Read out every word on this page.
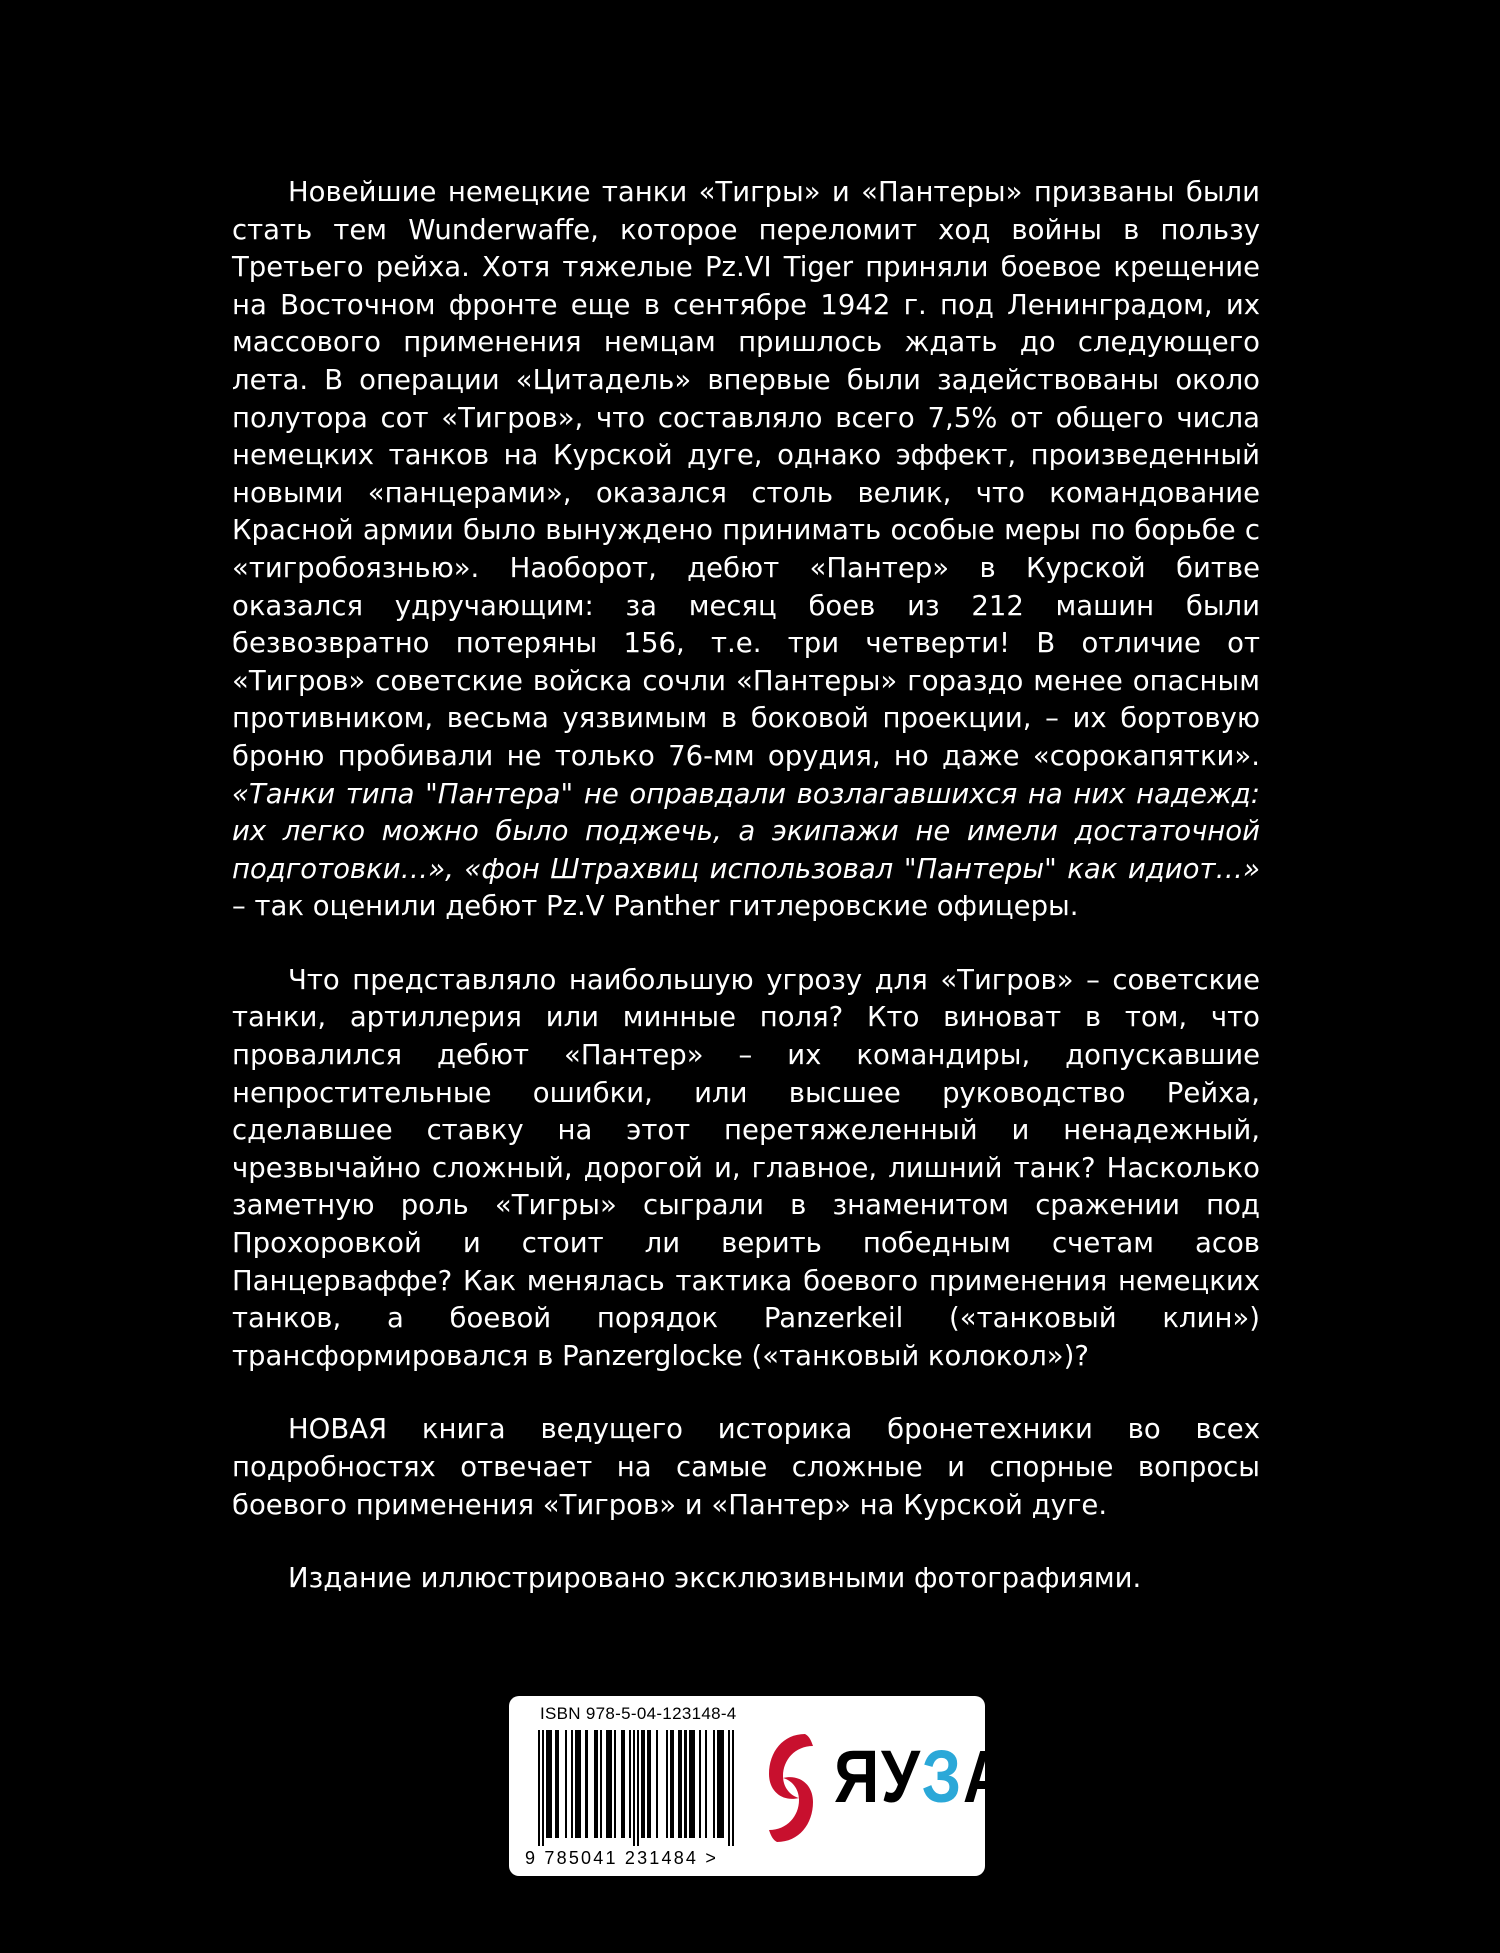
Новейшие немецкие танки «Тигры» и «Пантеры» призваны были стать тем Wunderwaffe, которое переломит ход войны в пользу Третьего рейха. Хотя тяжелые Pz.VI Tiger приняли боевое крещение на Восточном фронте еще в сентябре 1942 г. под Ленинградом, их массового применения немцам пришлось ждать до следующего лета. В операции «Цитадель» впервые были задействованы около полутора сот «Тигров», что составляло всего 7,5% от общего числа немецких танков на Курской дуге, однако эффект, произведенный новыми «панцерами», оказался столь велик, что командование Красной армии было вынуждено принимать особые меры по борьбе с «тигробоязнью». Наоборот, дебют «Пантер» в Курской битве оказался удручающим: за месяц боев из 212 машин были безвозвратно потеряны 156, т.е. три четверти! В отличие от «Тигров» советские войска сочли «Пантеры» гораздо менее опасным противником, весьма уязвимым в боковой проекции, – их бортовую броню пробивали не только 76-мм орудия, но даже «сорокапятки». «Танки типа "Пантера" не оправдали возлагавшихся на них надежд: их легко можно было поджечь, а экипажи не имели достаточной подготовки…», «фон Штрахвиц использовал "Пантеры" как идиот…» – так оценили дебют Pz.V Panther гитлеровские офицеры.

Что представляло наибольшую угрозу для «Тигров» – советские танки, артиллерия или минные поля? Кто виноват в том, что провалился дебют «Пантер» – их командиры, допускавшие непростительные ошибки, или высшее руководство Рейха, сделавшее ставку на этот перетяжеленный и ненадежный, чрезвычайно сложный, дорогой и, главное, лишний танк? Насколько заметную роль «Тигры» сыграли в знаменитом сражении под Прохоровкой и стоит ли верить победным счетам асов Панцерваффе? Как менялась тактика боевого применения немецких танков, а боевой порядок Panzerkeil («танковый клин») трансформировался в Panzerglocke («танковый колокол»)?

НОВАЯ книга ведущего историка бронетехники во всех подробностях отвечает на самые сложные и спорные вопросы боевого применения «Тигров» и «Пантер» на Курской дуге.

Издание иллюстрировано эксклюзивными фотографиями.

ISBN 978-5-04-123148-4
9 785041 231484 >
ЯУЗА
